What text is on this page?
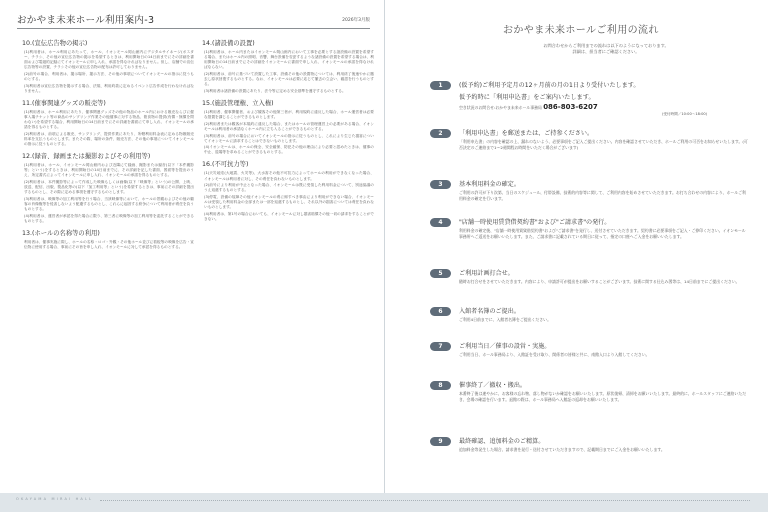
おかやま未来ホール利用案内-3	2026年3月版
10.(宣伝広告物の掲示)
(1)利用者は、ホール利用にあたって、ホール、イオンモール岡山館内にデジタルサイネージ(ポスター、チラシ、その他の宣伝広告物の掲示を希望するときは、利用開始日の14日前までにその詳細を書面および電磁的記録にてイオンモールに申し入れ、承諾を得なければなりません。但し、店舗での宣伝広告物等の設置、チラシその他の宣伝広告物の配布は許可しておりません。
(2)前号の場合、利用者は、掲示場所、掲示方法、その他の事項についてイオンモールの指示に従うものとする。
(3)利用者は宣伝広告物を掲示する場合、法規、利用約款に定めるイベント広告作成を行わなければなりません。
11.(催事関連グッズの販売等)
(1)利用者は、ホール利用にあたり、催事関連グッズその他の物品のホール内における販売ならびに催事入場チケット等の商品のサンプリング作業その他催事に対する物品、飲食物の提供(有償・無償を問わない)を希望する場合、利用開始日の14日前までにその詳細を書面にて申し入れ、イオンモールの承諾を得るものとする。
(2)利用者は、前項による販売、サンプリング、提供作業にあたり、所轄利用料金表に定める物販販売料率を支払うものとします。またその際、場所の条件、販売方法、その他の事項についてイオンモールの指示に従うものとする。
12.(録音、録画または撮影およびその利用等)
(1)利用者は、ホール、イオンモール岡山館内および近隣にて録画、撮影または録音(以下「本件撮影等」という)をするときは、利用開始日の14日前までに、その詳細を記した書面、図面等を提出のうえ、所定書式によってイオンモールに申し入れ、イオンモールの承諾を得るものとする。
(2)利用者は、本件撮影等によって作成した映像もしくは画像(以下「映像等」という)の公開、上映、放送、配信、出版、製品化等の(以下「加工利用等」という)を希望するときは、事前にその詳細を提出するものとし、その際に定める事項を遵守するものとします。
(3)利用者は、映像等の加工利用等を行う場合、当該映像等において、ホールの景観およびその他の顧客の肖像権等を侵害しないよう配慮するものとし、これらに起因する紛争について利用者が責任を負うものとする。
(4)利用者は、運営者が承認を得た場合に限り、第三者に映像等の加工利用等を委託することができるものとする。
13.(ホールの名称等の利用)
利用者は、催事実施に際し、ホールの名称・ロゴ・外観・その他ホール並びに看板等の映像を広告・宣伝物に使用する場合、事前にその旨を申し入れ、イオンモールに対して承認を得るものとする。
14.(諸設備の設置)
(1)利用者は、ホール内またはイオンモール岡山館内において工事を必要とする諸設備の設置を希望する場合、またはホール内の照明、音響、舞台設備を変更するような諸設備の設置を希望する場合は、利用開始日の14日前までにその詳細をイオンモールに書面で申し入れ、イオンモールの承諾を得なければならない。
(2)利用者は、前号に基づいて設置した工事、設備その他の設置物については、利用終了後速やかに撤去し原状回復するものとする。なお、イオンモールは必要に応じて撤去の立会い、確認を行うものとする。
(3)利用者は諸設備の設置にあたり、法令等に定める安全基準を遵守するものとする。
15.(施設管理権、立入権)
(1)利用者、催事開催者、および観客その他第三者が、利用規約に違反した場合、ホール運営者は必要な措置を講じることができるものとします。
(2)利用者または観客が本規約に違反した場合、またはホールの管理運営上の必要がある場合、イオンモールは利用者の承諾なくホール内に立ち入ることができるものとする。
(3)利用者は、前号の場合においてイオンモールの指示に従うものとし、これにより生じた損害についてイオンモールに請求することはできないものとします。
(4)イオンモールは、ホールの保全、安全確保、防犯その他の理由により必要と認めたときは、催事の中止、退場等を求めることができるものとする。
16.(不可抗力等)
(1)天災地変(大地震、火災等)、大水害その他不可抗力によってホールの利用ができなくなった場合、イオンモールは利用者に対し、その責任を負わないものとします。
(2)前号により利用が中止となった場合、イオンモールは既に受領した利用料金について、別途協議のうえ返還するものとする。
(3)停電、設備の故障その他イオンモールの責に帰すべき事由により利用ができない場合、イオンモールは受領した利用料金の全部または一部を返還するものとし、それ以外の損害については責任を負わないものとします。
(4)利用者は、第1号の場合においても、イオンモールに対し損害賠償その他一切の請求をすることができない。
おかやま未来ホールご利用の流れ
お問合わせからご利用までの流れは以下のようになっております。
詳細は、担当者にご確認ください。
1	(仮予約)ご利用予定月の12ヶ月前の月の1日より受付いたします。
仮予約時に「利用申込書」をご案内いたします。
空き状況のお問合せ:おかやま未来ホール事務局 086-803-6207
(受付時間／10:00〜18:00)
2	「利用申込書」を郵送または、ご持参ください。
「利用申込書」の内容を確認の上、漏れのないよう、必要事項をご記入ご提出ください。内容を確認させていただき、ホールご利用の可否をお知らせいたします。(可否決定のご連絡まで1〜2週間程お時間をいただく場合がございます)
3	基本利用料金の確定。
ご利用の許可が下り次第、当日のスケジュール、付帯設備、技術的内容等に関して、ご利用内容を始めさせていただきます。お打ち合わせの内容により、ホールご利用料金の確定を行います。
4	"店舗一時使用賃貸借契約書"および"ご請求書"の発行。
利用料金の確定後、"店舗一時使用賃貸借契約書"および"ご請求書"を発行し、送付させていただきます。契約書に必要事項をご記入・ご捺印ください。イオンモール事務所へご返送をお願いいたします。また、ご請求書に記載されている期日に従って、指定の口座へご入金をお願いいたします。
5	ご利用計画打合せ。
随時お打合せをさせていただきます。内容により、申請許可が提出をお願いすることがございます。技術に関する仕込み図等は、14日前までにご提出ください。
6	入館者名簿のご提出。
ご利用4日前までに、入館者名簿をご提出ください。
7	ご利用当日／催事の設営・実施。
ご利用当日、ホール事務局より、入館証を受け取り、関係者の皆様と共に、南館入口より入館してください。
8	催事終了／撤収・搬出。
本番終了後は速やかに、お客様の忘れ物、落し物がないか確認をお願いいたします。原状復帰、清掃をお願いいたします。最終的に、ホールスタッフにご連絡いただき、会場の確認を行います。退館の際は、ホール事務局へ入館証の返却をお願いいたします。
9	最終確認、追加料金のご精算。
追加料金等発生した場合、請求書を発行・送付させていただきますので、記載期日までにご入金をお願いいたします。
OKAYAMA MIRAI HALL
